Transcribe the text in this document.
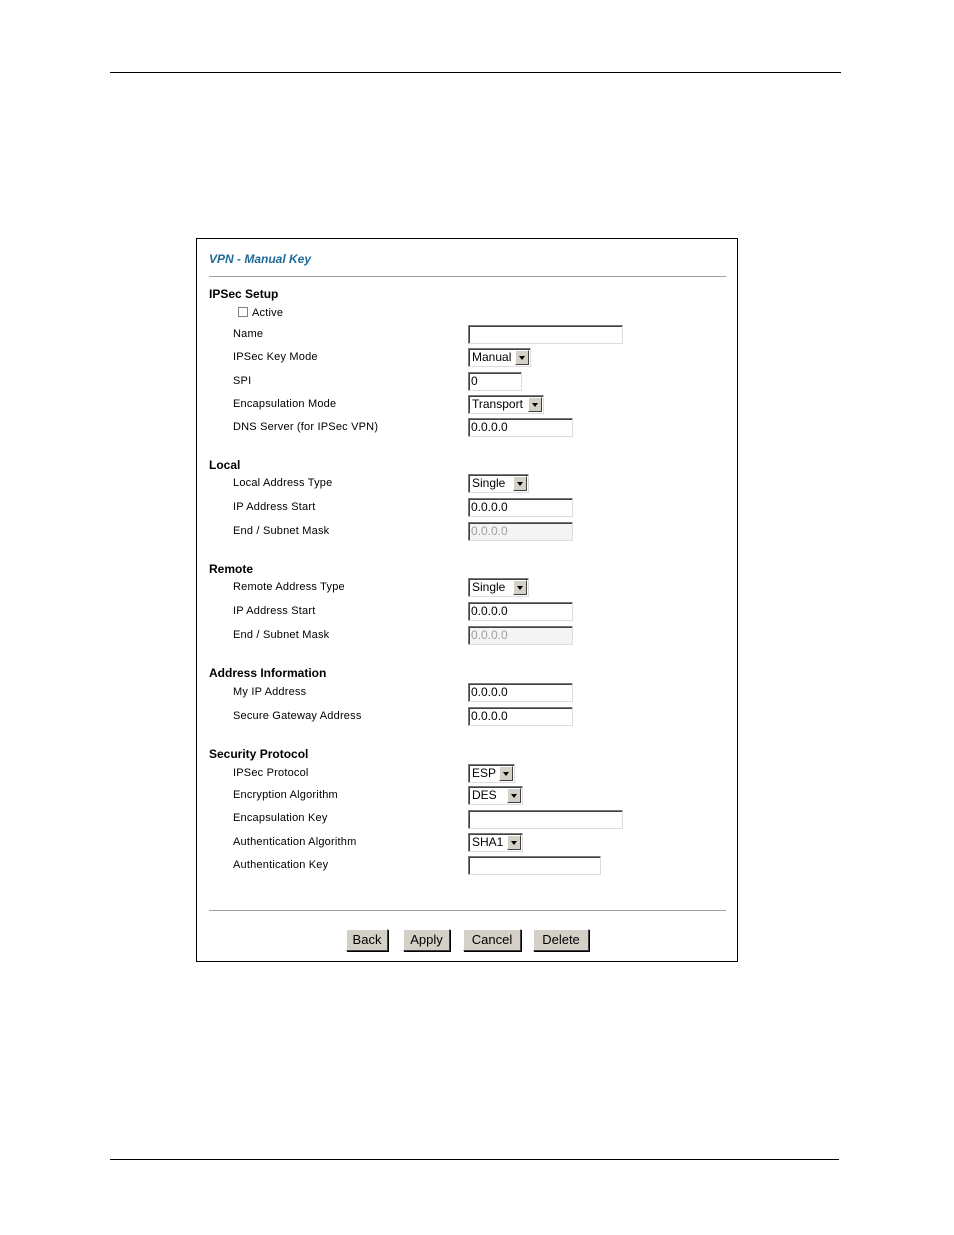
VPN - Manual Key
IPSec Setup
Active
Name
IPSec Key Mode	Manual
SPI	0
Encapsulation Mode	Transport
DNS Server (for IPSec VPN)	0.0.0.0
Local
Local Address Type	Single
IP Address Start	0.0.0.0
End / Subnet Mask	0.0.0.0
Remote
Remote Address Type	Single
IP Address Start	0.0.0.0
End / Subnet Mask	0.0.0.0
Address Information
My IP Address	0.0.0.0
Secure Gateway Address	0.0.0.0
Security Protocol
IPSec Protocol	ESP
Encryption Algorithm	DES
Encapsulation Key
Authentication Algorithm	SHA1
Authentication Key
Back	Apply	Cancel	Delete
